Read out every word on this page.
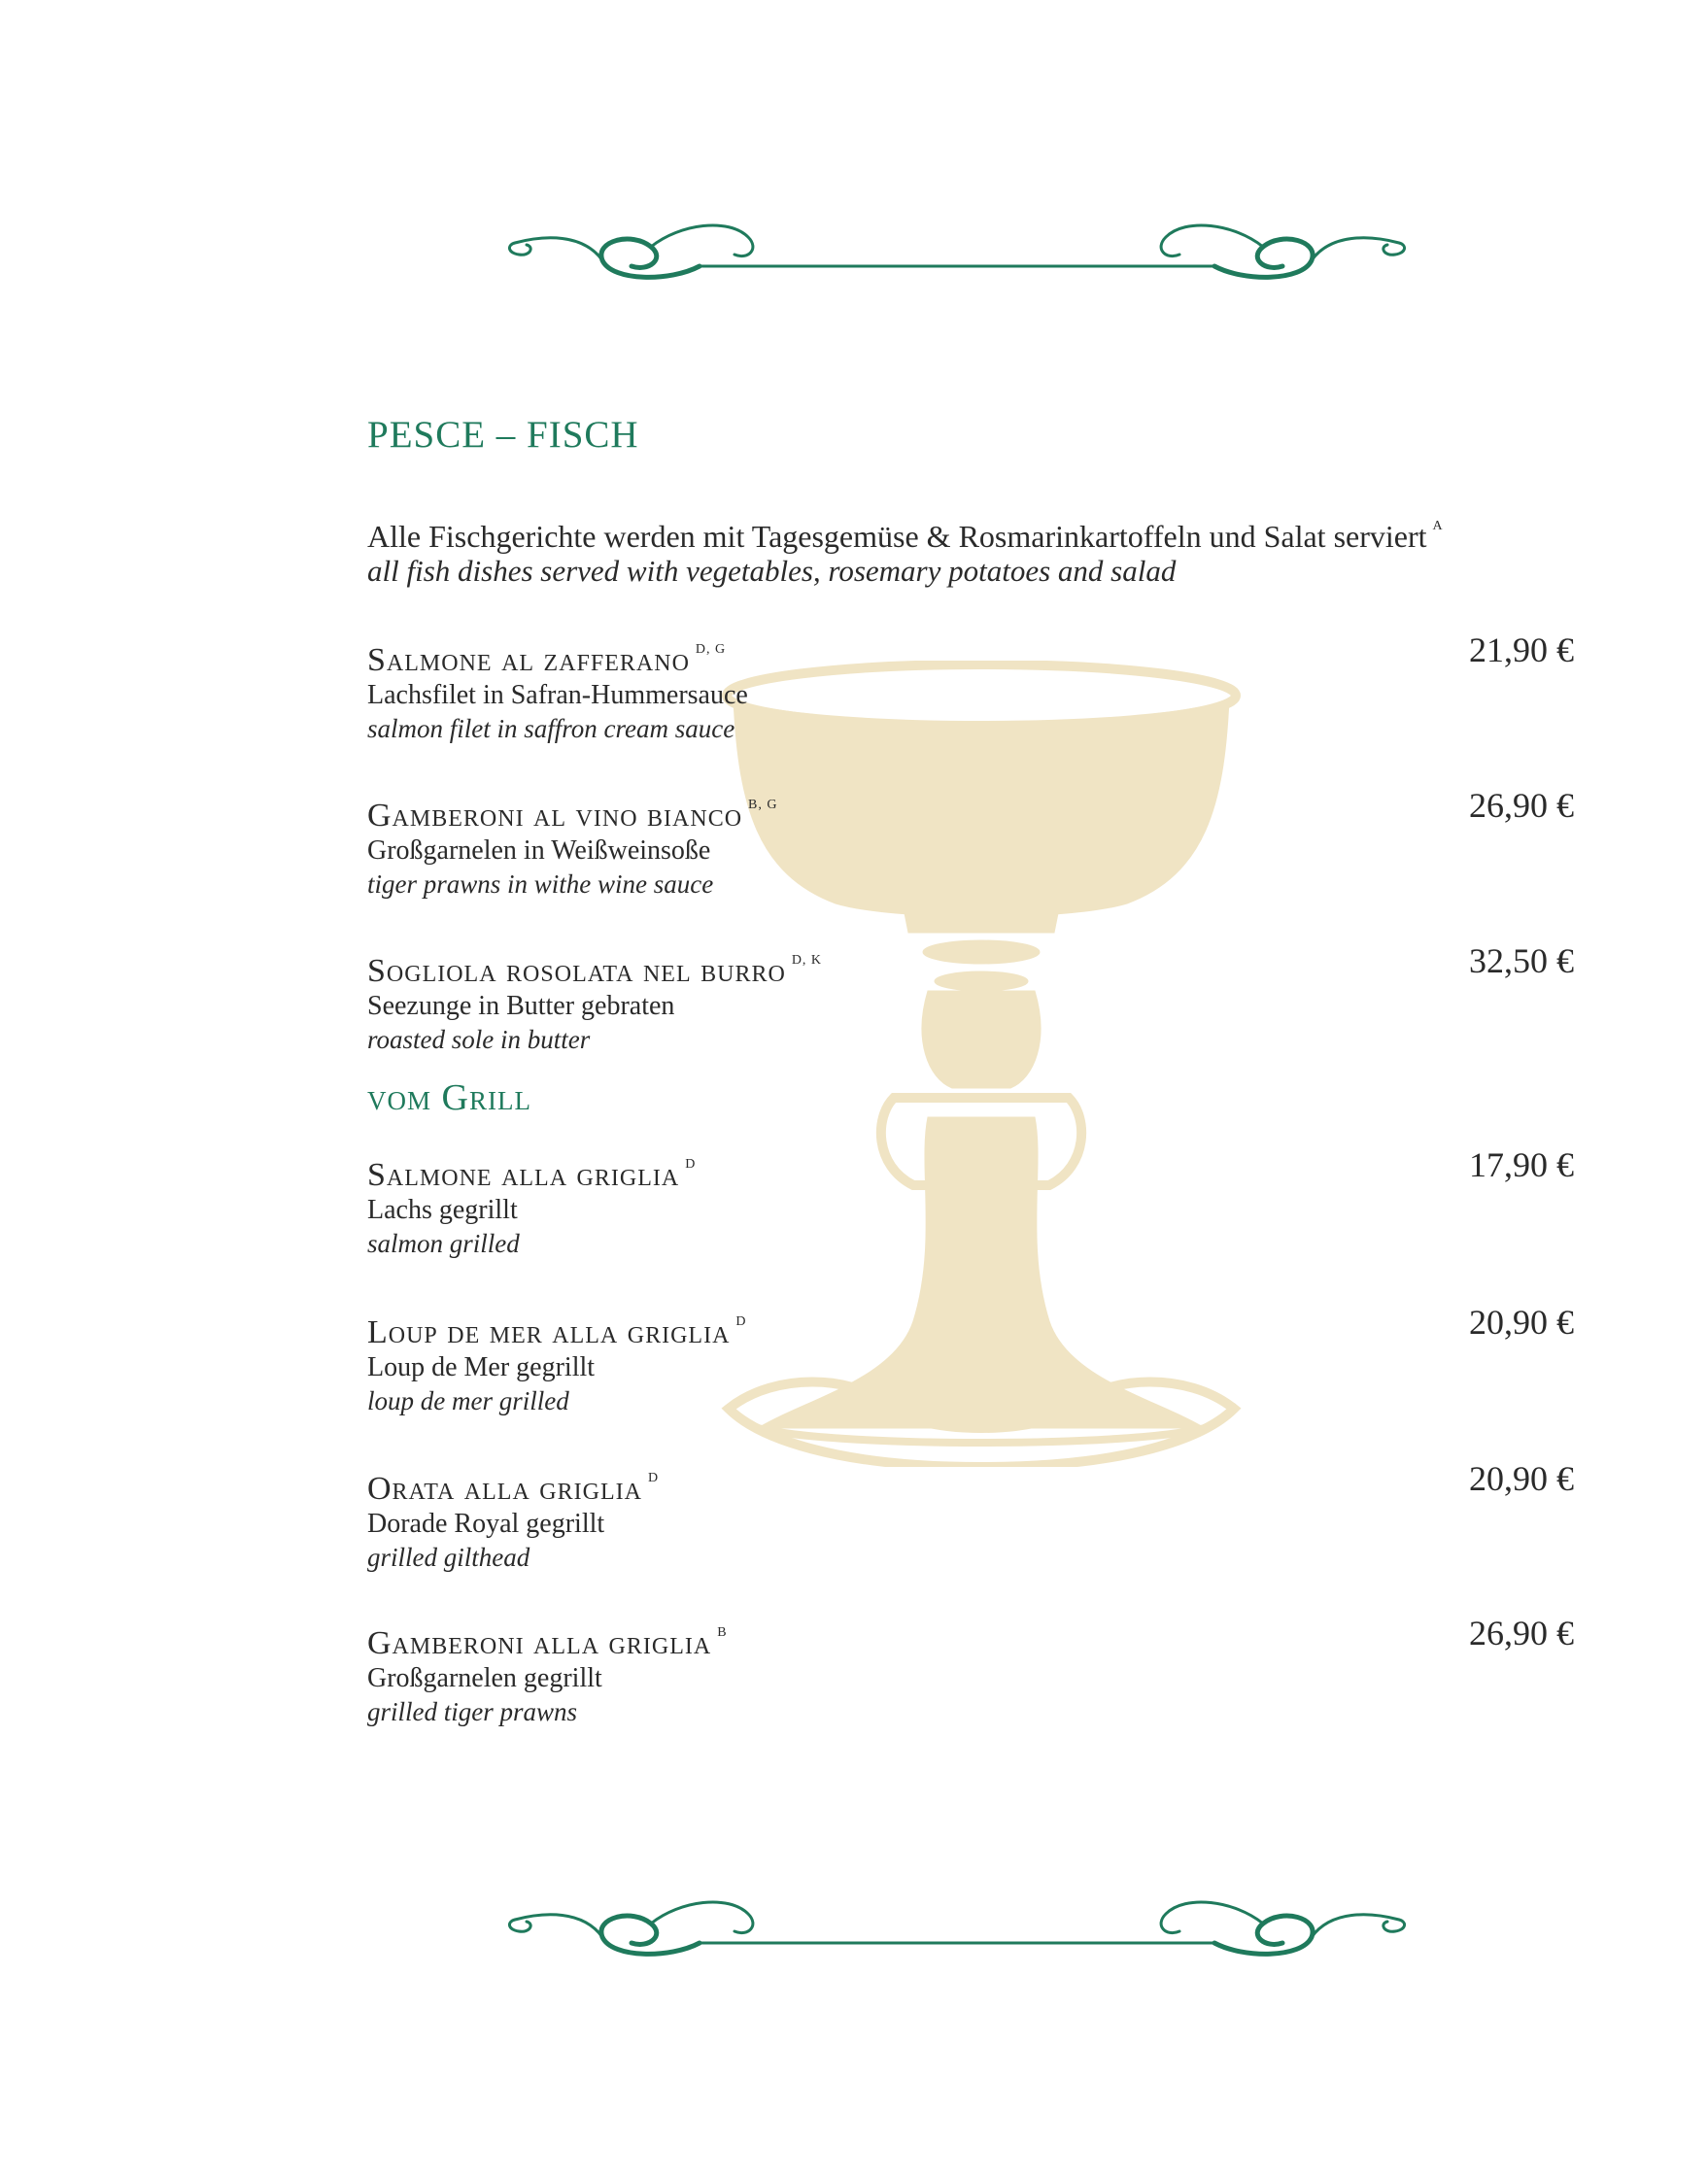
PESCE – FISCH
Alle Fischgerichte werden mit Tagesgemüse & Rosmarinkartoffeln und Salat serviert $^A$
all fish dishes served with vegetables, rosemary potatoes and salad
Salmone al zafferano $^{D, G}$
Lachsfilet in Safran-Hummersauce
salmon filet in saffron cream sauce
21,90 €
Gamberoni al vino bianco $^{B, G}$
Großgarnelen in Weißweinsoße
tiger prawns in withe wine sauce
26,90 €
Sogliola rosolata nel burro $^{D, K}$
Seezunge in Butter gebraten
roasted sole in butter
32,50 €
vom Grill
Salmone alla griglia $^D$
Lachs gegrillt
salmon grilled
17,90 €
Loup de mer alla griglia $^D$
Loup de Mer gegrillt
loup de mer grilled
20,90 €
Orata alla griglia $^D$
Dorade Royal gegrillt
grilled gilthead
20,90 €
Gamberoni alla griglia $^B$
Großgarnelen gegrillt
grilled tiger prawns
26,90 €
